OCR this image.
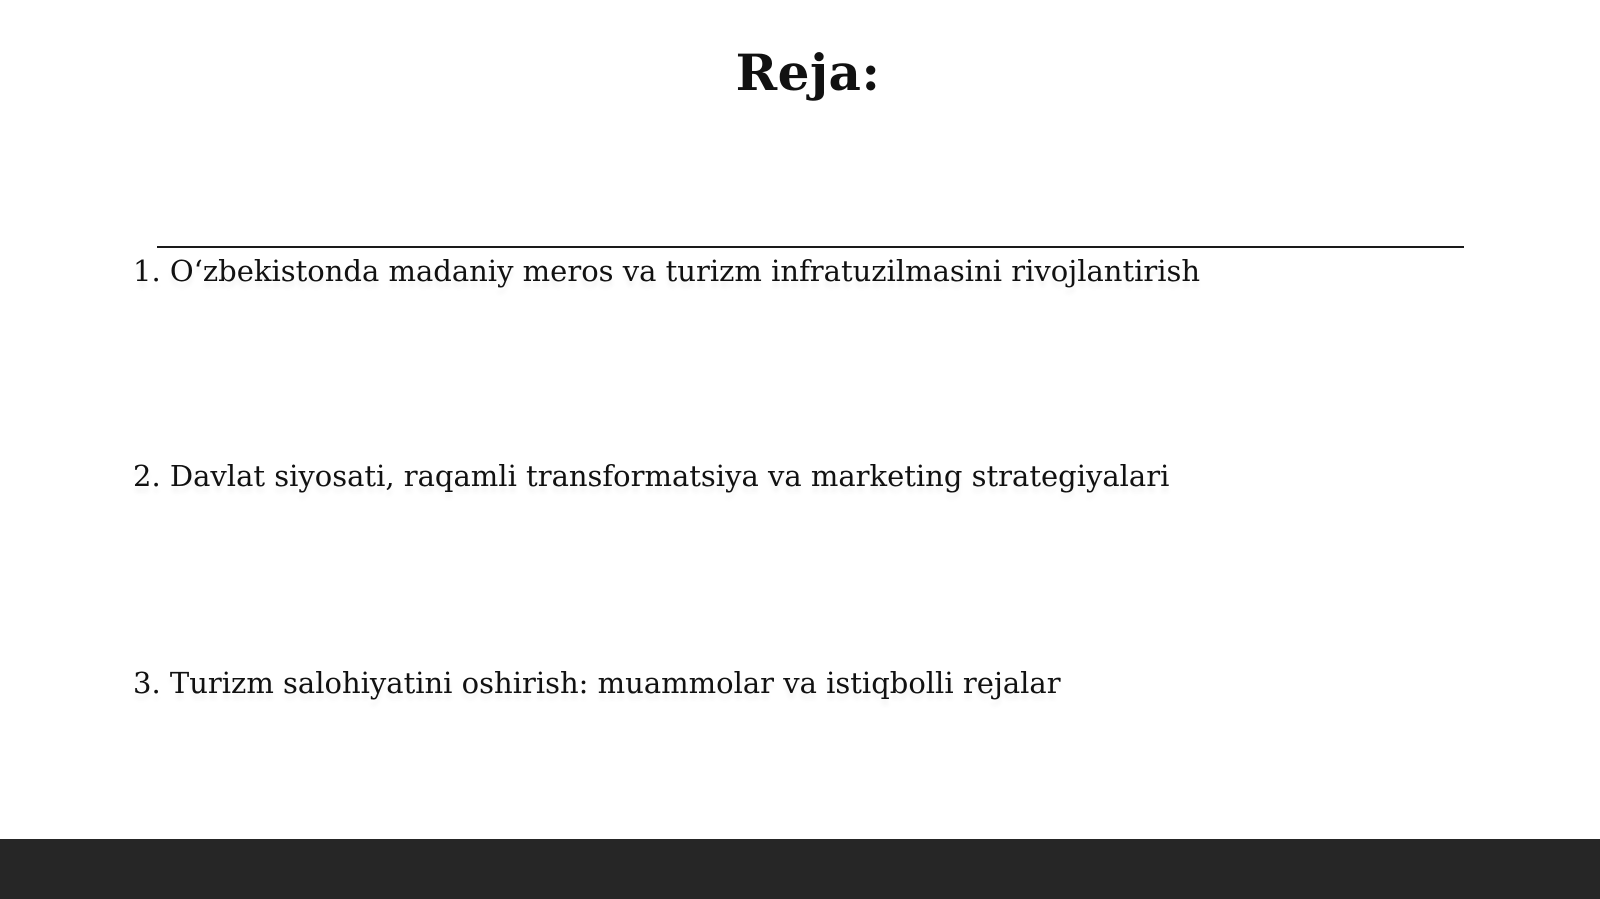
Reja:
1. O‘zbekistonda madaniy meros va turizm infratuzilmasini rivojlantirish
2. Davlat siyosati, raqamli transformatsiya va marketing strategiyalari
3. Turizm salohiyatini oshirish: muammolar va istiqbolli rejalar
